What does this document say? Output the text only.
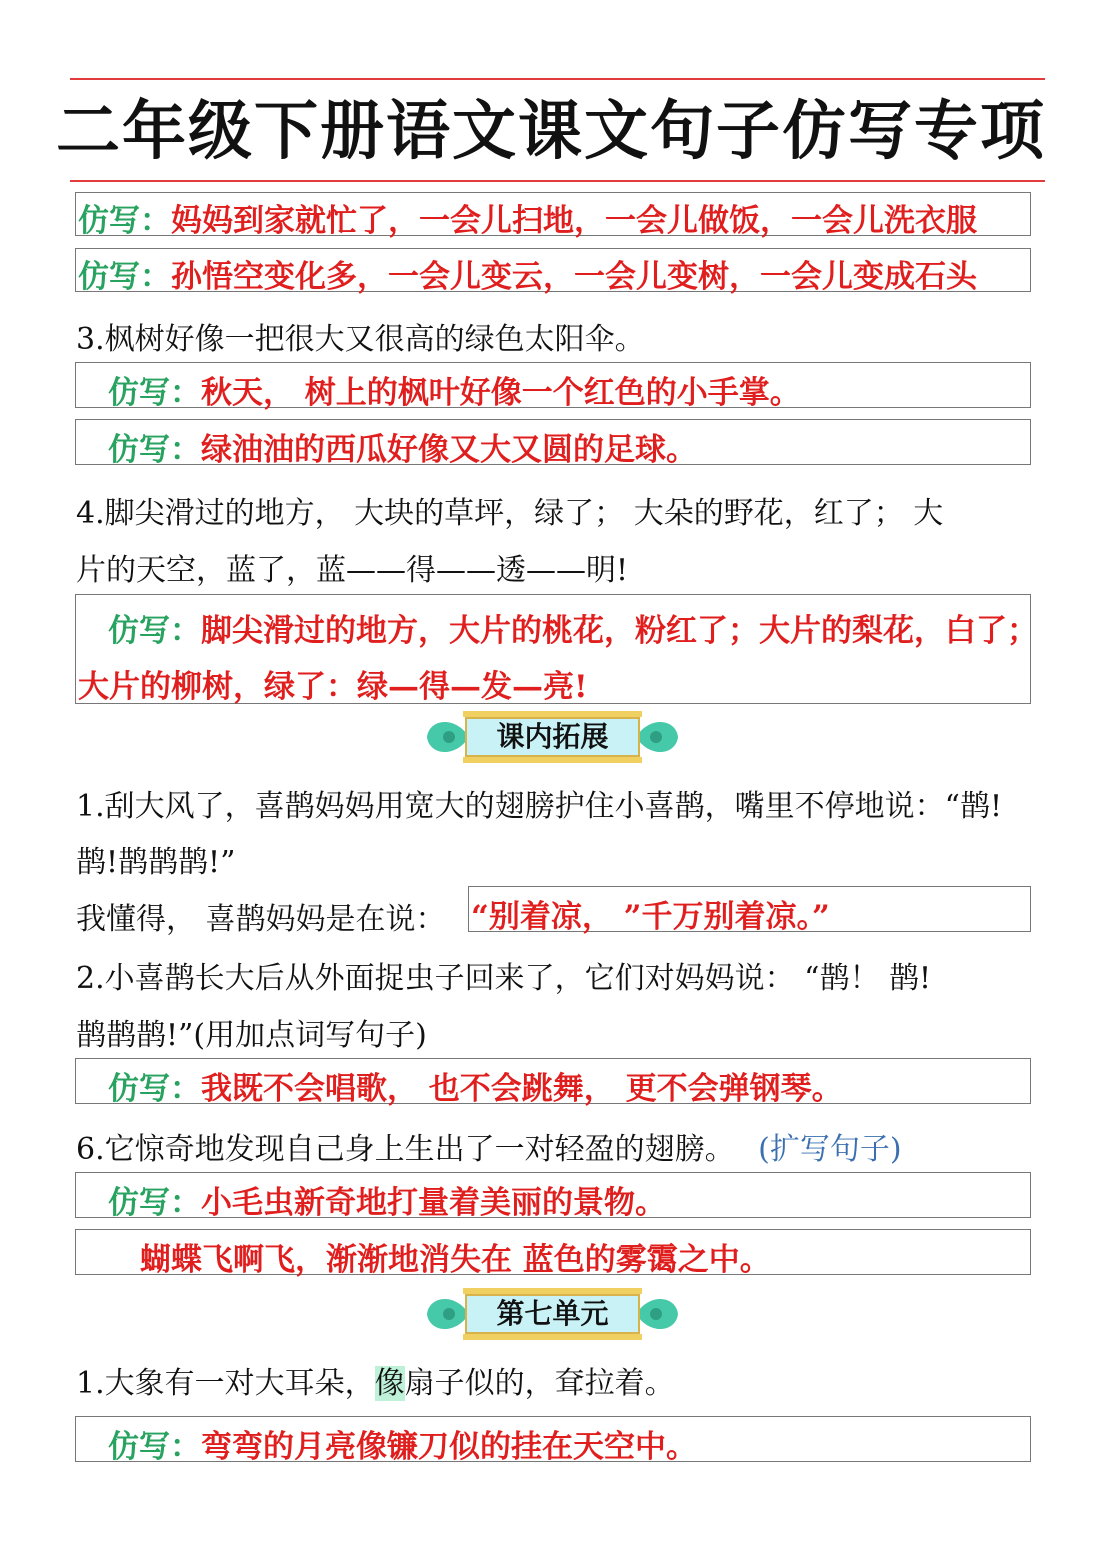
二年级下册语文课文句子仿写专项
仿写：妈妈到家就忙了，一会儿扫地，一会儿做饭，一会儿洗衣服
仿写：孙悟空变化多，一会儿变云，一会儿变树，一会儿变成石头
3.枫树好像一把很大又很高的绿色太阳伞。
仿写：秋天， 树上的枫叶好像一个红色的小手掌。
仿写：绿油油的西瓜好像又大又圆的足球。
4.脚尖滑过的地方， 大块的草坪，绿了； 大朵的野花，红了； 大
片的天空，蓝了，蓝——得——透——明!
仿写：脚尖滑过的地方，大片的桃花，粉红了；大片的梨花，白了；
大片的柳树，绿了：绿—得—发—亮!
课内拓展
1.刮大风了，喜鹊妈妈用宽大的翅膀护住小喜鹊，嘴里不停地说：“鹊!
鹊!鹊鹊鹊!”
我懂得， 喜鹊妈妈是在说： “别着凉， ”千万别着凉。”
2.小喜鹊长大后从外面捉虫子回来了，它们对妈妈说： “鹊！ 鹊!
鹊鹊鹊!”(用加点词写句子)
仿写：我既不会唱歌， 也不会跳舞， 更不会弹钢琴。
6.它惊奇地发现自己身上生出了一对轻盈的翅膀。 (扩写句子)
仿写：小毛虫新奇地打量着美丽的景物。
蝴蝶飞啊飞，渐渐地消失在 蓝色的雾霭之中。
第七单元
1.大象有一对大耳朵，像扇子似的，耷拉着。
仿写：弯弯的月亮像镰刀似的挂在天空中。
